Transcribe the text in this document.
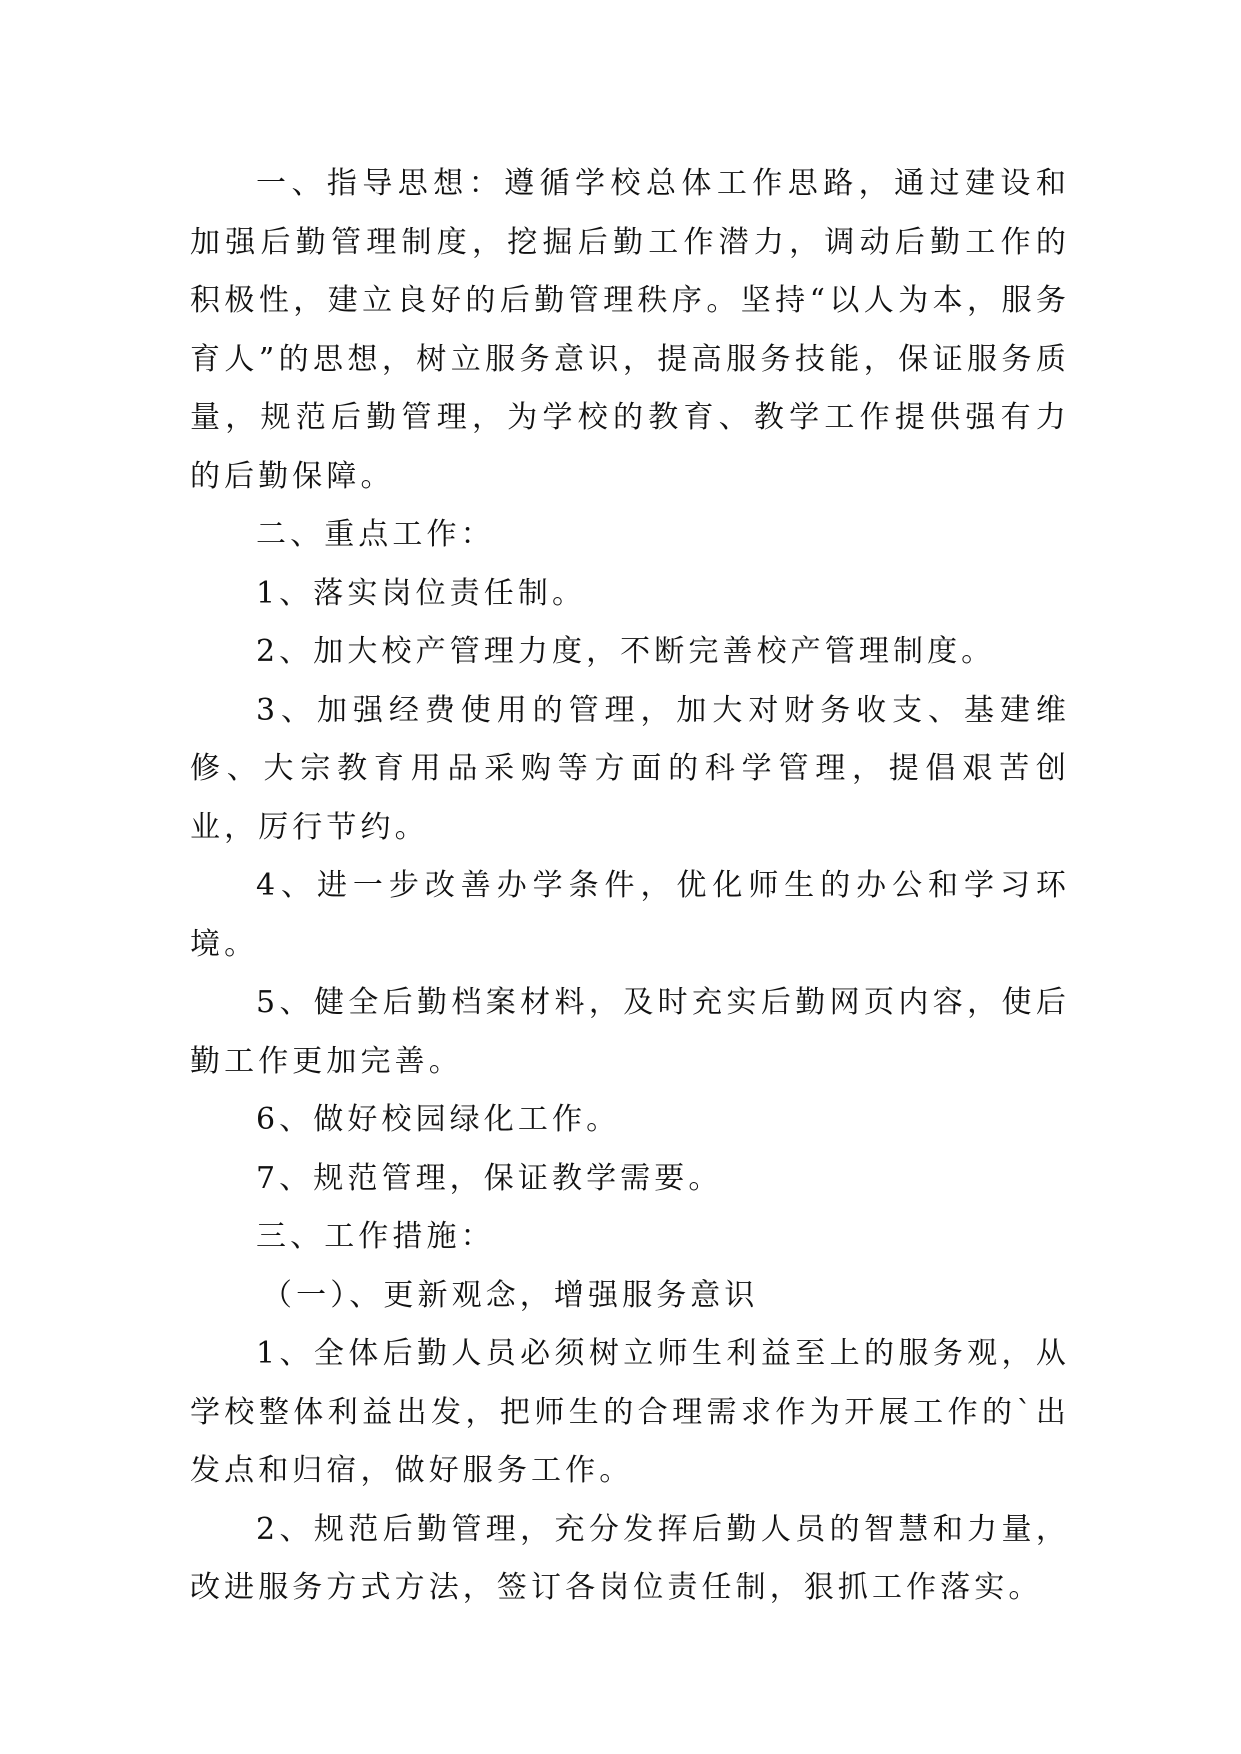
一、指导思想：遵循学校总体工作思路，通过建设和加强后勤管理制度，挖掘后勤工作潜力，调动后勤工作的积极性，建立良好的后勤管理秩序。坚持“以人为本，服务育人”的思想，树立服务意识，提高服务技能，保证服务质量，规范后勤管理，为学校的教育、教学工作提供强有力的后勤保障。

二、重点工作：

1、落实岗位责任制。

2、加大校产管理力度，不断完善校产管理制度。

3、加强经费使用的管理，加大对财务收支、基建维修、大宗教育用品采购等方面的科学管理，提倡艰苦创业，厉行节约。

4、进一步改善办学条件，优化师生的办公和学习环境。

5、健全后勤档案材料，及时充实后勤网页内容，使后勤工作更加完善。

6、做好校园绿化工作。

7、规范管理，保证教学需要。

三、工作措施：

（一）、更新观念，增强服务意识

1、全体后勤人员必须树立师生利益至上的服务观，从学校整体利益出发，把师生的合理需求作为开展工作的`出发点和归宿，做好服务工作。

2、规范后勤管理，充分发挥后勤人员的智慧和力量，改进服务方式方法，签订各岗位责任制，狠抓工作落实。
